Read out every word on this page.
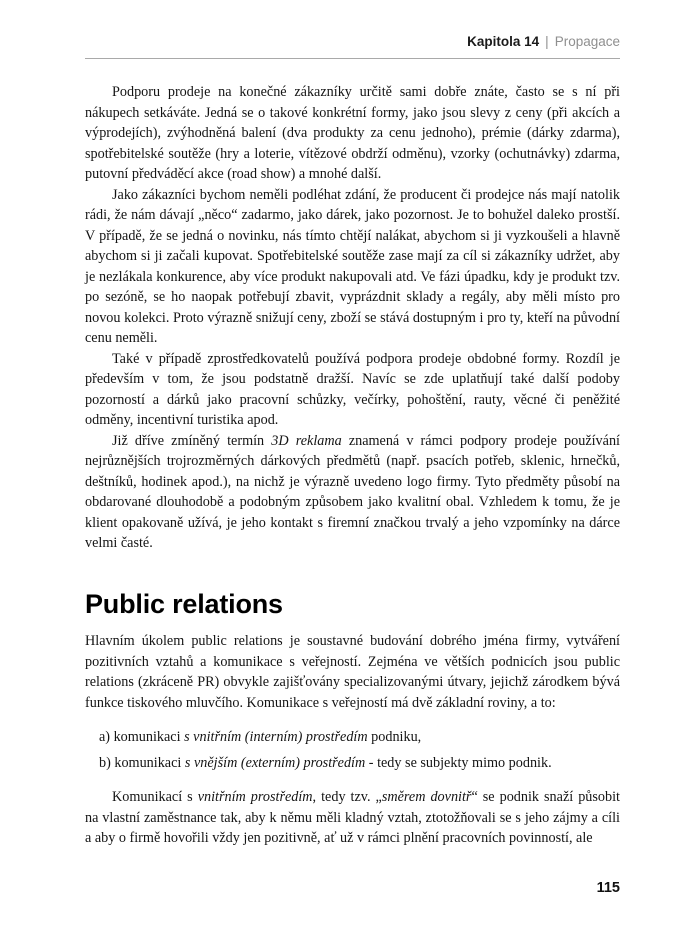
Kapitola 14 | Propagace

Podporu prodeje na konečné zákazníky určitě sami dobře znáte, často se s ní při nákupech setkáváte. Jedná se o takové konkrétní formy, jako jsou slevy z ceny (při akcích a výprodejích), zvýhodněná balení (dva produkty za cenu jednoho), prémie (dárky zdarma), spotřebitelské soutěže (hry a loterie, vítězové obdrží odměnu), vzorky (ochutnávky) zdarma, putovní předváděcí akce (road show) a mnohé další.

Jako zákazníci bychom neměli podléhat zdání, že producent či prodejce nás mají natolik rádi, že nám dávají „něco“ zadarmo, jako dárek, jako pozornost. Je to bohužel daleko prostší. V případě, že se jedná o novinku, nás tímto chtějí nalákat, abychom si ji vyzkoušeli a hlavně abychom si ji začali kupovat. Spotřebitelské soutěže zase mají za cíl si zákazníky udržet, aby je nezlákala konkurence, aby více produkt nakupovali atd. Ve fázi úpadku, kdy je produkt tzv. po sezóně, se ho naopak potřebují zbavit, vyprázdnit sklady a regály, aby měli místo pro novou kolekci. Proto výrazně snižují ceny, zboží se stává dostupným i pro ty, kteří na původní cenu neměli.

Také v případě zprostředkovatelů používá podpora prodeje obdobné formy. Rozdíl je především v tom, že jsou podstatně dražší. Navíc se zde uplatňují také další podoby pozorností a dárků jako pracovní schůzky, večírky, pohoštění, rauty, věcné či peněžité odměny, incentivní turistika apod.

Již dříve zmíněný termín 3D reklama znamená v rámci podpory prodeje používání nejrůznějších trojrozměrných dárkových předmětů (např. psacích potřeb, sklenic, hrnečků, deštníků, hodinek apod.), na nichž je výrazně uvedeno logo firmy. Tyto předměty působí na obdarované dlouhodobě a podobným způsobem jako kvalitní obal. Vzhledem k tomu, že je klient opakovaně užívá, je jeho kontakt s firemní značkou trvalý a jeho vzpomínky na dárce velmi časté.

Public relations

Hlavním úkolem public relations je soustavné budování dobrého jména firmy, vytváření pozitivních vztahů a komunikace s veřejností. Zejména ve větších podnicích jsou public relations (zkráceně PR) obvykle zajišťovány specializovanými útvary, jejichž zárodkem bývá funkce tiskového mluvčího. Komunikace s veřejností má dvě základní roviny, a to:

a) komunikaci s vnitřním (interním) prostředím podniku,

b) komunikaci s vnějším (externím) prostředím - tedy se subjekty mimo podnik.

Komunikací s vnitřním prostředím, tedy tzv. „směrem dovnitř“ se podnik snaží působit na vlastní zaměstnance tak, aby k němu měli kladný vztah, ztotožňovali se s jeho zájmy a cíli a aby o firmě hovořili vždy jen pozitivně, ať už v rámci plnění pracovních povinností, ale

115
